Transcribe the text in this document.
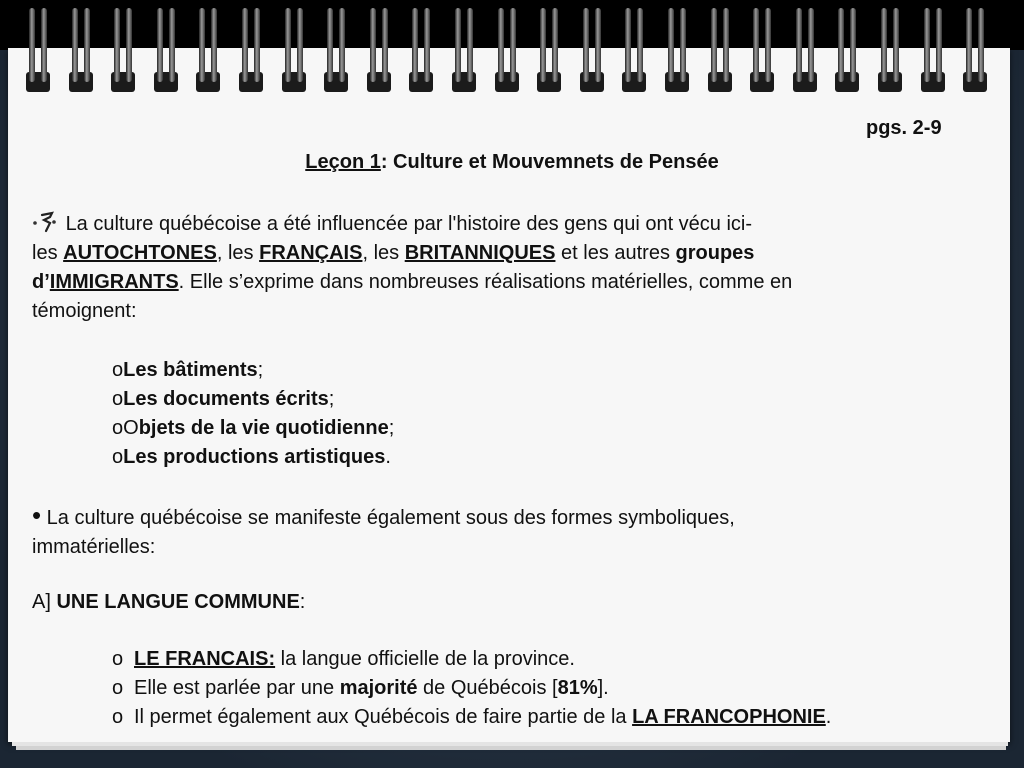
pgs. 2-9
Leçon 1: Culture et Mouvemnets de Pensée
La culture québécoise a été influencée par l'histoire des gens qui ont vécu ici-
les AUTOCHTONES, les FRANÇAIS, les BRITANNIQUES et les autres groupes
d’IMMIGRANTS. Elle s’exprime dans nombreuses réalisations matérielles, comme en
témoignent:
oLes bâtiments;
oLes documents écrits;
oObjets de la vie quotidienne;
oLes productions artistiques.
• La culture québécoise se manifeste également sous des formes symboliques,
immatérielles:
A] UNE LANGUE COMMUNE:
o LE FRANCAIS: la langue officielle de la province.
o Elle est parlée par une majorité de Québécois [81%].
o Il permet également aux Québécois de faire partie de la LA FRANCOPHONIE.
